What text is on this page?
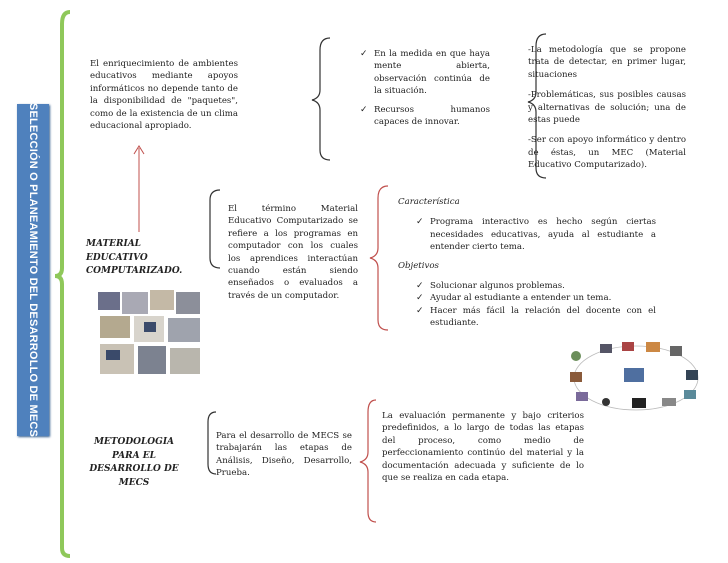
SELECCIÓN O PLANEAMIENTO DEL DESARROLLO DE MECS
El enriquecimiento de ambientes educativos mediante apoyos informáticos no depende tanto de la disponibilidad de "paquetes", como de la existencia de un clima educacional apropiado.
✓ En la medida en que haya mente abierta, observación continúa de la situación.
✓ Recursos humanos capaces de innovar.
-La metodología que se propone trata de detectar, en primer lugar, situaciones
-Problemáticas, sus posibles causas y alternativas de solución; una de estas puede
-Ser con apoyo informático y dentro de éstas, un MEC (Material Educativo Computarizado).
MATERIAL EDUCATIVO COMPUTARIZADO.
El término Material Educativo Computarizado se refiere a los programas en computador con los cuales los aprendices interactúan cuando están siendo enseñados o evaluados a través de un computador.
Característica
✓ Programa interactivo es hecho según ciertas necesidades educativas, ayuda al estudiante a entender cierto tema.
Objetivos
✓ Solucionar algunos problemas.
✓ Ayudar al estudiante a entender un tema.
✓ Hacer más fácil la relación del docente con el estudiante.
METODOLOGIA PARA EL DESARROLLO DE MECS
Para el desarrollo de MECS se trabajarán las etapas de Análisis, Diseño, Desarrollo, Prueba.
La evaluación permanente y bajo criterios predefinidos, a lo largo de todas las etapas del proceso, como medio de perfeccionamiento continúo del material y la documentación adecuada y suficiente de lo que se realiza en cada etapa.
